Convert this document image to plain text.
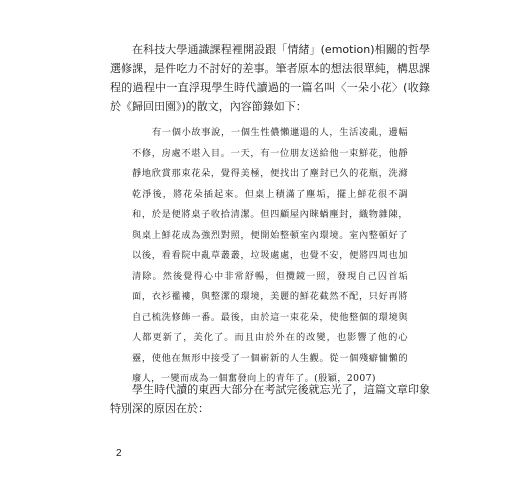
在科技大學通識課程裡開設跟「情緒」(emotion)相關的哲學選修課，是件吃力不討好的差事。筆者原本的想法很單純，構思課程的過程中一直浮現學生時代讀過的一篇名叫〈一朵小花〉(收錄於《歸回田園》)的散文，內容節錄如下：

有一個小故事說，一個生性儂懶邋遢的人，生活凌亂，邊幅不修，房處不堪入目。一天，有一位朋友送給他一束鮮花，他靜靜地欣賞那束花朵，覺得美極，便找出了塵封已久的花瓶，洗滌乾淨後，將花朵插起來。但桌上積滿了塵垢，擺上鮮花很不調和，於是便將桌子收拾清潔。但四顧屋內睞蝸塵封，織物雜陳，與桌上鮮花成為強烈對照，便開始整頓室內環境。室內整頓好了以後，看看院中亂草叢叢，垃圾處處，也覺不安，便將四周也加清除。然後覺得心中非常舒暢，但攬鏡一照，發現自己囚首垢面，衣衫襤褸，與整潔的環境，美麗的鮮花截然不配，只好再將自己梳洗修飾一番。最後，由於這一束花朵，使他整個的環境與人都更新了，美化了。而且由於外在的改變，也影響了他的心靈，使他在無形中接受了一個嶄新的人生觀。從一個殘癖慵懶的廢人，一變而成為一個奮發向上的青年了。(殷穎，2007)

學生時代讀的東西大部分在考試完後就忘光了，這篇文章印象特別深的原因在於：

2
